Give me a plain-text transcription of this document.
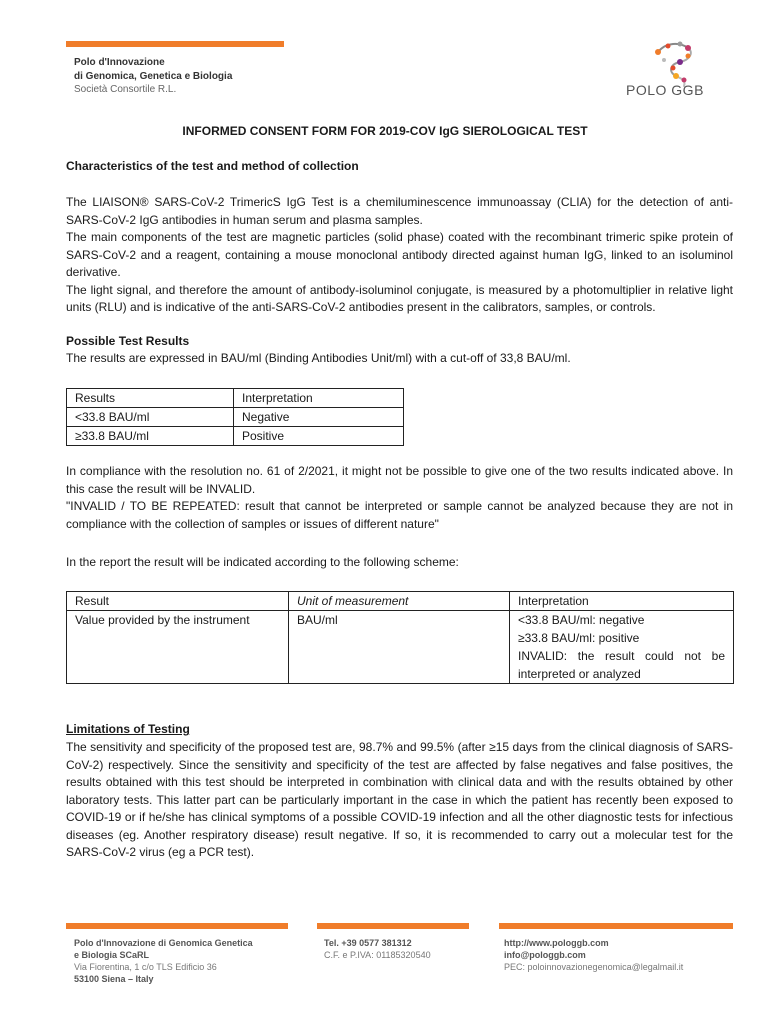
Polo d'Innovazione
di Genomica, Genetica e Biologia
Società Consortile R.L.	POLO GGB
INFORMED CONSENT FORM FOR 2019-COV IgG SIEROLOGICAL TEST
Characteristics of the test and method of collection

The LIAISON® SARS-CoV-2 TrimericS IgG Test is a chemiluminescence immunoassay (CLIA) for the detection of anti-SARS-CoV-2 IgG antibodies in human serum and plasma samples.

The main components of the test are magnetic particles (solid phase) coated with the recombinant trimeric spike protein of SARS-CoV-2 and a reagent, containing a mouse monoclonal antibody directed against human IgG, linked to an isoluminol derivative.

The light signal, and therefore the amount of antibody-isoluminol conjugate, is measured by a photomultiplier in relative light units (RLU) and is indicative of the anti-SARS-CoV-2 antibodies present in the calibrators, samples, or controls.

Possible Test Results
The results are expressed in BAU/ml (Binding Antibodies Unit/ml) with a cut-off of 33,8 BAU/ml.
Results	Interpretation
<33.8 BAU/ml	Negative
≥33.8 BAU/ml	Positive

In compliance with the resolution no. 61 of 2/2021, it might not be possible to give one of the two results indicated above. In this case the result will be INVALID.

"INVALID / TO BE REPEATED: result that cannot be interpreted or sample cannot be analyzed because they are not in compliance with the collection of samples or issues of different nature"

In the report the result will be indicated according to the following scheme:
Result	Unit of measurement	Interpretation
Value provided by the instrument	BAU/ml	<33.8 BAU/ml: negative
≥33.8 BAU/ml: positive
INVALID: the result could not be interpreted or analyzed
Limitations of Testing
The sensitivity and specificity of the proposed test are, 98.7% and 99.5% (after ≥15 days from the clinical diagnosis of SARS-CoV-2) respectively. Since the sensitivity and specificity of the test are affected by false negatives and false positives, the results obtained with this test should be interpreted in combination with clinical data and with the results obtained by other laboratory tests. This latter part can be particularly important in the case in which the patient has recently been exposed to COVID-19 or if he/she has clinical symptoms of a possible COVID-19 infection and all the other diagnostic tests for infectious diseases (eg. Another respiratory disease) result negative. If so, it is recommended to carry out a molecular test for the SARS-CoV-2 virus (eg a PCR test).
Polo d'Innovazione di Genomica Genetica
e Biologia SCaRL
Via Fiorentina, 1 c/o TLS Edificio 36
53100 Siena – Italy
Tel. +39 0577 381312
C.F. e P.IVA: 01185320540
http://www.pologgb.com
info@pologgb.com
PEC: poloinnovazionegenomica@legalmail.it
